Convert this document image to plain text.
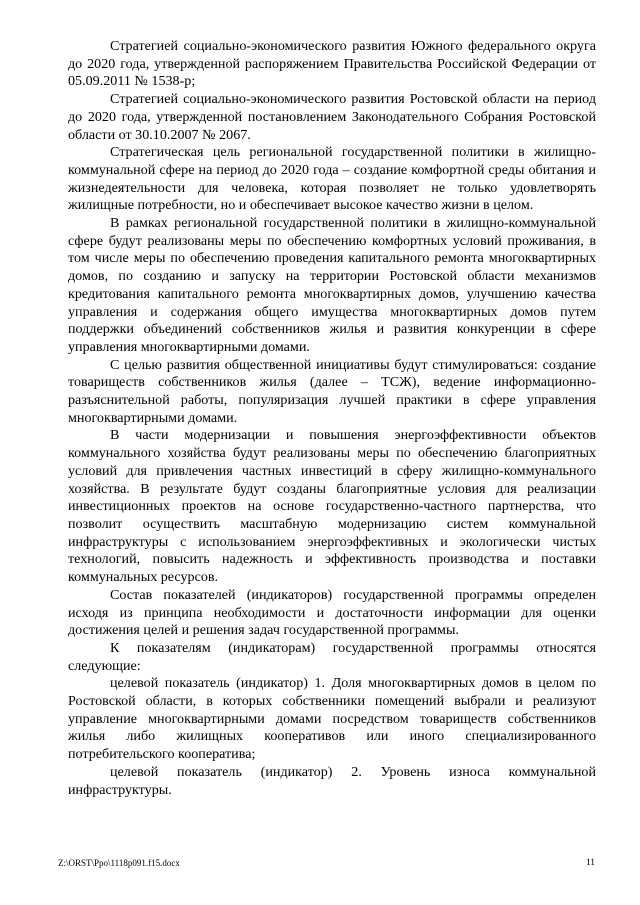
Стратегией социально-экономического развития Южного федерального округа до 2020 года, утвержденной распоряжением Правительства Российской Федерации от 05.09.2011 № 1538-р;

Стратегией социально-экономического развития Ростовской области на период до 2020 года, утвержденной постановлением Законодательного Собрания Ростовской области от 30.10.2007 № 2067.

Стратегическая цель региональной государственной политики в жилищно-коммунальной сфере на период до 2020 года – создание комфортной среды обитания и жизнедеятельности для человека, которая позволяет не только удовлетворять жилищные потребности, но и обеспечивает высокое качество жизни в целом.

В рамках региональной государственной политики в жилищно-коммунальной сфере будут реализованы меры по обеспечению комфортных условий проживания, в том числе меры по обеспечению проведения капитального ремонта многоквартирных домов, по созданию и запуску на территории Ростовской области механизмов кредитования капитального ремонта многоквартирных домов, улучшению качества управления и содержания общего имущества многоквартирных домов путем поддержки объединений собственников жилья и развития конкуренции в сфере управления многоквартирными домами.

С целью развития общественной инициативы будут стимулироваться: создание товариществ собственников жилья (далее – ТСЖ), ведение информационно-разъяснительной работы, популяризация лучшей практики в сфере управления многоквартирными домами.

В части модернизации и повышения энергоэффективности объектов коммунального хозяйства будут реализованы меры по обеспечению благоприятных условий для привлечения частных инвестиций в сферу жилищно-коммунального хозяйства. В результате будут созданы благоприятные условия для реализации инвестиционных проектов на основе государственно-частного партнерства, что позволит осуществить масштабную модернизацию систем коммунальной инфраструктуры с использованием энергоэффективных и экологически чистых технологий, повысить надежность и эффективность производства и поставки коммунальных ресурсов.

Состав показателей (индикаторов) государственной программы определен исходя из принципа необходимости и достаточности информации для оценки достижения целей и решения задач государственной программы.

К показателям (индикаторам) государственной программы относятся следующие:

целевой показатель (индикатор) 1. Доля многоквартирных домов в целом по Ростовской области, в которых собственники помещений выбрали и реализуют управление многоквартирными домами посредством товариществ собственников жилья либо жилищных кооперативов или иного специализированного потребительского кооператива;

целевой показатель (индикатор) 2. Уровень износа коммунальной инфраструктуры.

Z:\ORST\Ppo\1118p091.f15.docx	11
